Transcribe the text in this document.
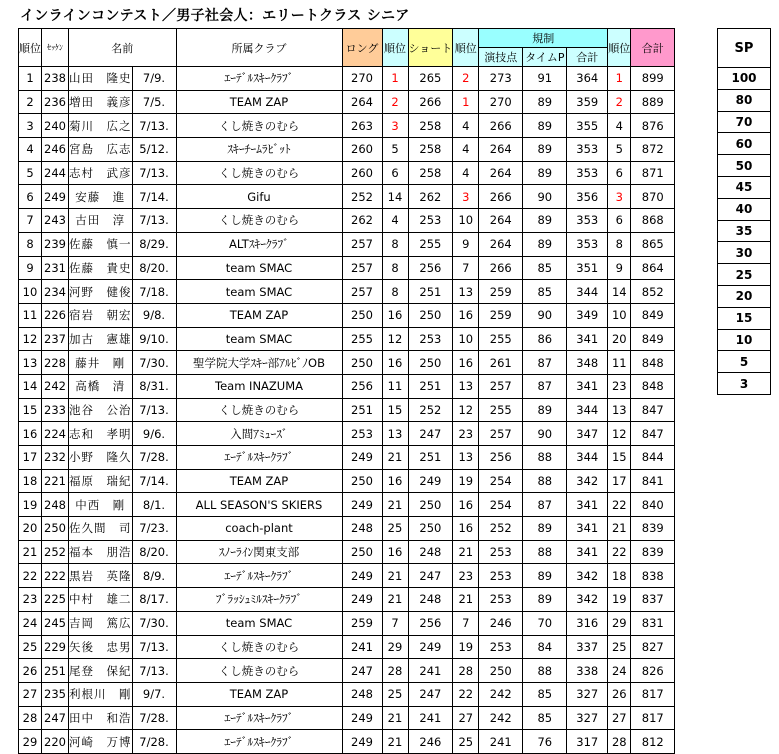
インラインコンテスト／男子社会人：エリートクラス シニア
順位	ｾｯｹﾝ	名前		所属クラブ	ロング	順位	ショート	順位	規制			順位	合計
									演技点	タイムP	合計		
1	238	山田　隆史	7/9.	ｴｰﾃﾞﾙｽｷｰｸﾗﾌﾞ	270	1	265	2	273	91	364	1	899
2	236	増田　義彦	7/5.	TEAM ZAP	264	2	266	1	270	89	359	2	889
3	240	菊川　広之	7/13.	くし焼きのむら	263	3	258	4	266	89	355	4	876
4	246	宮島　広志	5/12.	ｽｷｰﾁｰﾑﾗﾋﾞｯﾄ	260	5	258	4	264	89	353	5	872
5	244	志村　武彦	7/13.	くし焼きのむら	260	6	258	4	264	89	353	6	871
6	249	安藤　進	7/14.	Gifu	252	14	262	3	266	90	356	3	870
7	243	古田　淳	7/13.	くし焼きのむら	262	4	253	10	264	89	353	6	868
8	239	佐藤　慎一	8/29.	ALTｽｷｰｸﾗﾌﾞ	257	8	255	9	264	89	353	8	865
9	231	佐藤　貴史	8/20.	team SMAC	257	8	256	7	266	85	351	9	864
10	234	河野　健俊	7/18.	team SMAC	257	8	251	13	259	85	344	14	852
11	226	宿岩　朝宏	9/8.	TEAM ZAP	250	16	250	16	259	90	349	10	849
12	237	加古　憲雄	9/10.	team SMAC	255	12	253	10	255	86	341	20	849
13	228	藤井　剛	7/30.	聖学院大学ｽｷｰ部ｱﾙﾋﾞﾉOB	250	16	250	16	261	87	348	11	848
14	242	高橋　清	8/31.	Team INAZUMA	256	11	251	13	257	87	341	23	848
15	233	池谷　公治	7/13.	くし焼きのむら	251	15	252	12	255	89	344	13	847
16	224	志和　孝明	9/6.	入間ｱﾐｭｰｽﾞ	253	13	247	23	257	90	347	12	847
17	232	小野　隆久	7/28.	ｴｰﾃﾞﾙｽｷｰｸﾗﾌﾞ	249	21	251	13	256	88	344	15	844
18	221	福原　瑞紀	7/14.	TEAM ZAP	250	16	249	19	254	88	342	17	841
19	248	中西　剛	8/1.	ALL SEASON'S SKIERS	249	21	250	16	254	87	341	22	840
20	250	佐久間　司	7/23.	coach-plant	248	25	250	16	252	89	341	21	839
21	252	福本　朋浩	8/20.	ｽﾉｰﾗｲﾝ関東支部	250	16	248	21	253	88	341	22	839
22	222	黒岩　英隆	8/9.	ｴｰﾃﾞﾙｽｷｰｸﾗﾌﾞ	249	21	247	23	253	89	342	18	838
23	225	中村　雄二	8/17.	ﾌﾞﾗｯｼｭﾐﾙｽｷｰｸﾗﾌﾞ	249	21	248	21	253	89	342	19	837
24	245	吉岡　篤広	7/30.	team SMAC	259	7	256	7	246	70	316	29	831
25	229	矢後　忠男	7/13.	くし焼きのむら	241	29	249	19	253	84	337	25	827
26	251	尾登　保紀	7/13.	くし焼きのむら	247	28	241	28	250	88	338	24	826
27	235	利根川　剛	9/7.	TEAM ZAP	248	25	247	22	242	85	327	26	817
28	247	田中　和浩	7/28.	ｴｰﾃﾞﾙｽｷｰｸﾗﾌﾞ	249	21	241	27	242	85	327	27	817
29	220	河崎　万博	7/28.	ｴｰﾃﾞﾙｽｷｰｸﾗﾌﾞ	249	21	246	25	241	76	317	28	812
SP
100
80
70
60
50
45
40
35
30
25
20
15
10
5
3
